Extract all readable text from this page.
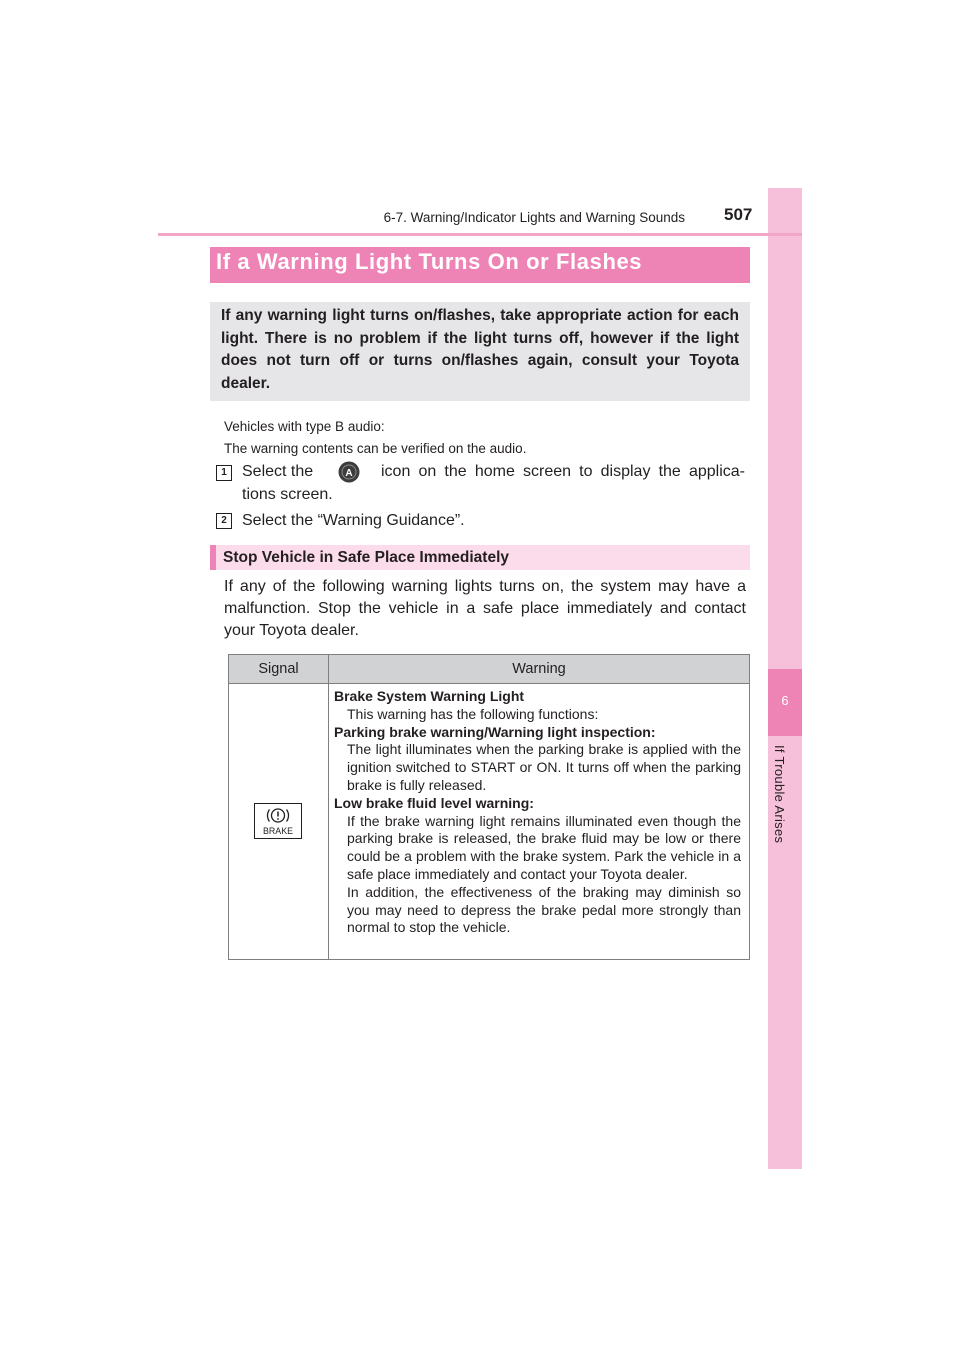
6
If Trouble Arises
6-7. Warning/Indicator Lights and Warning Sounds 507
If a Warning Light Turns On or Flashes
If any warning light turns on/flashes, take appropriate action for each light. There is no problem if the light turns off, however if the light does not turn off or turns on/flashes again, consult your Toyota dealer.
Vehicles with type B audio:
The warning contents can be verified on the audio.
1 Select the	A icon on the home screen to display the applica-
tions screen.
2 Select the “Warning Guidance”.
Stop Vehicle in Safe Place Immediately
If any of the following warning lights turns on, the system may have a malfunction. Stop the vehicle in a safe place immediately and contact your Toyota dealer.
Signal	Warning
BRAKE

Brake System Warning Light

This warning has the following functions:

Parking brake warning/Warning light inspection:

The light illuminates when the parking brake is applied with the ignition switched to START or ON. It turns off when the parking brake is fully released.

Low brake fluid level warning:

If the brake warning light remains illuminated even though the parking brake is released, the brake fluid may be low or there could be a problem with the brake system. Park the vehicle in a safe place immediately and contact your Toyota dealer.

In addition, the effectiveness of the braking may diminish so you may need to depress the brake pedal more strongly than normal to stop the vehicle.
